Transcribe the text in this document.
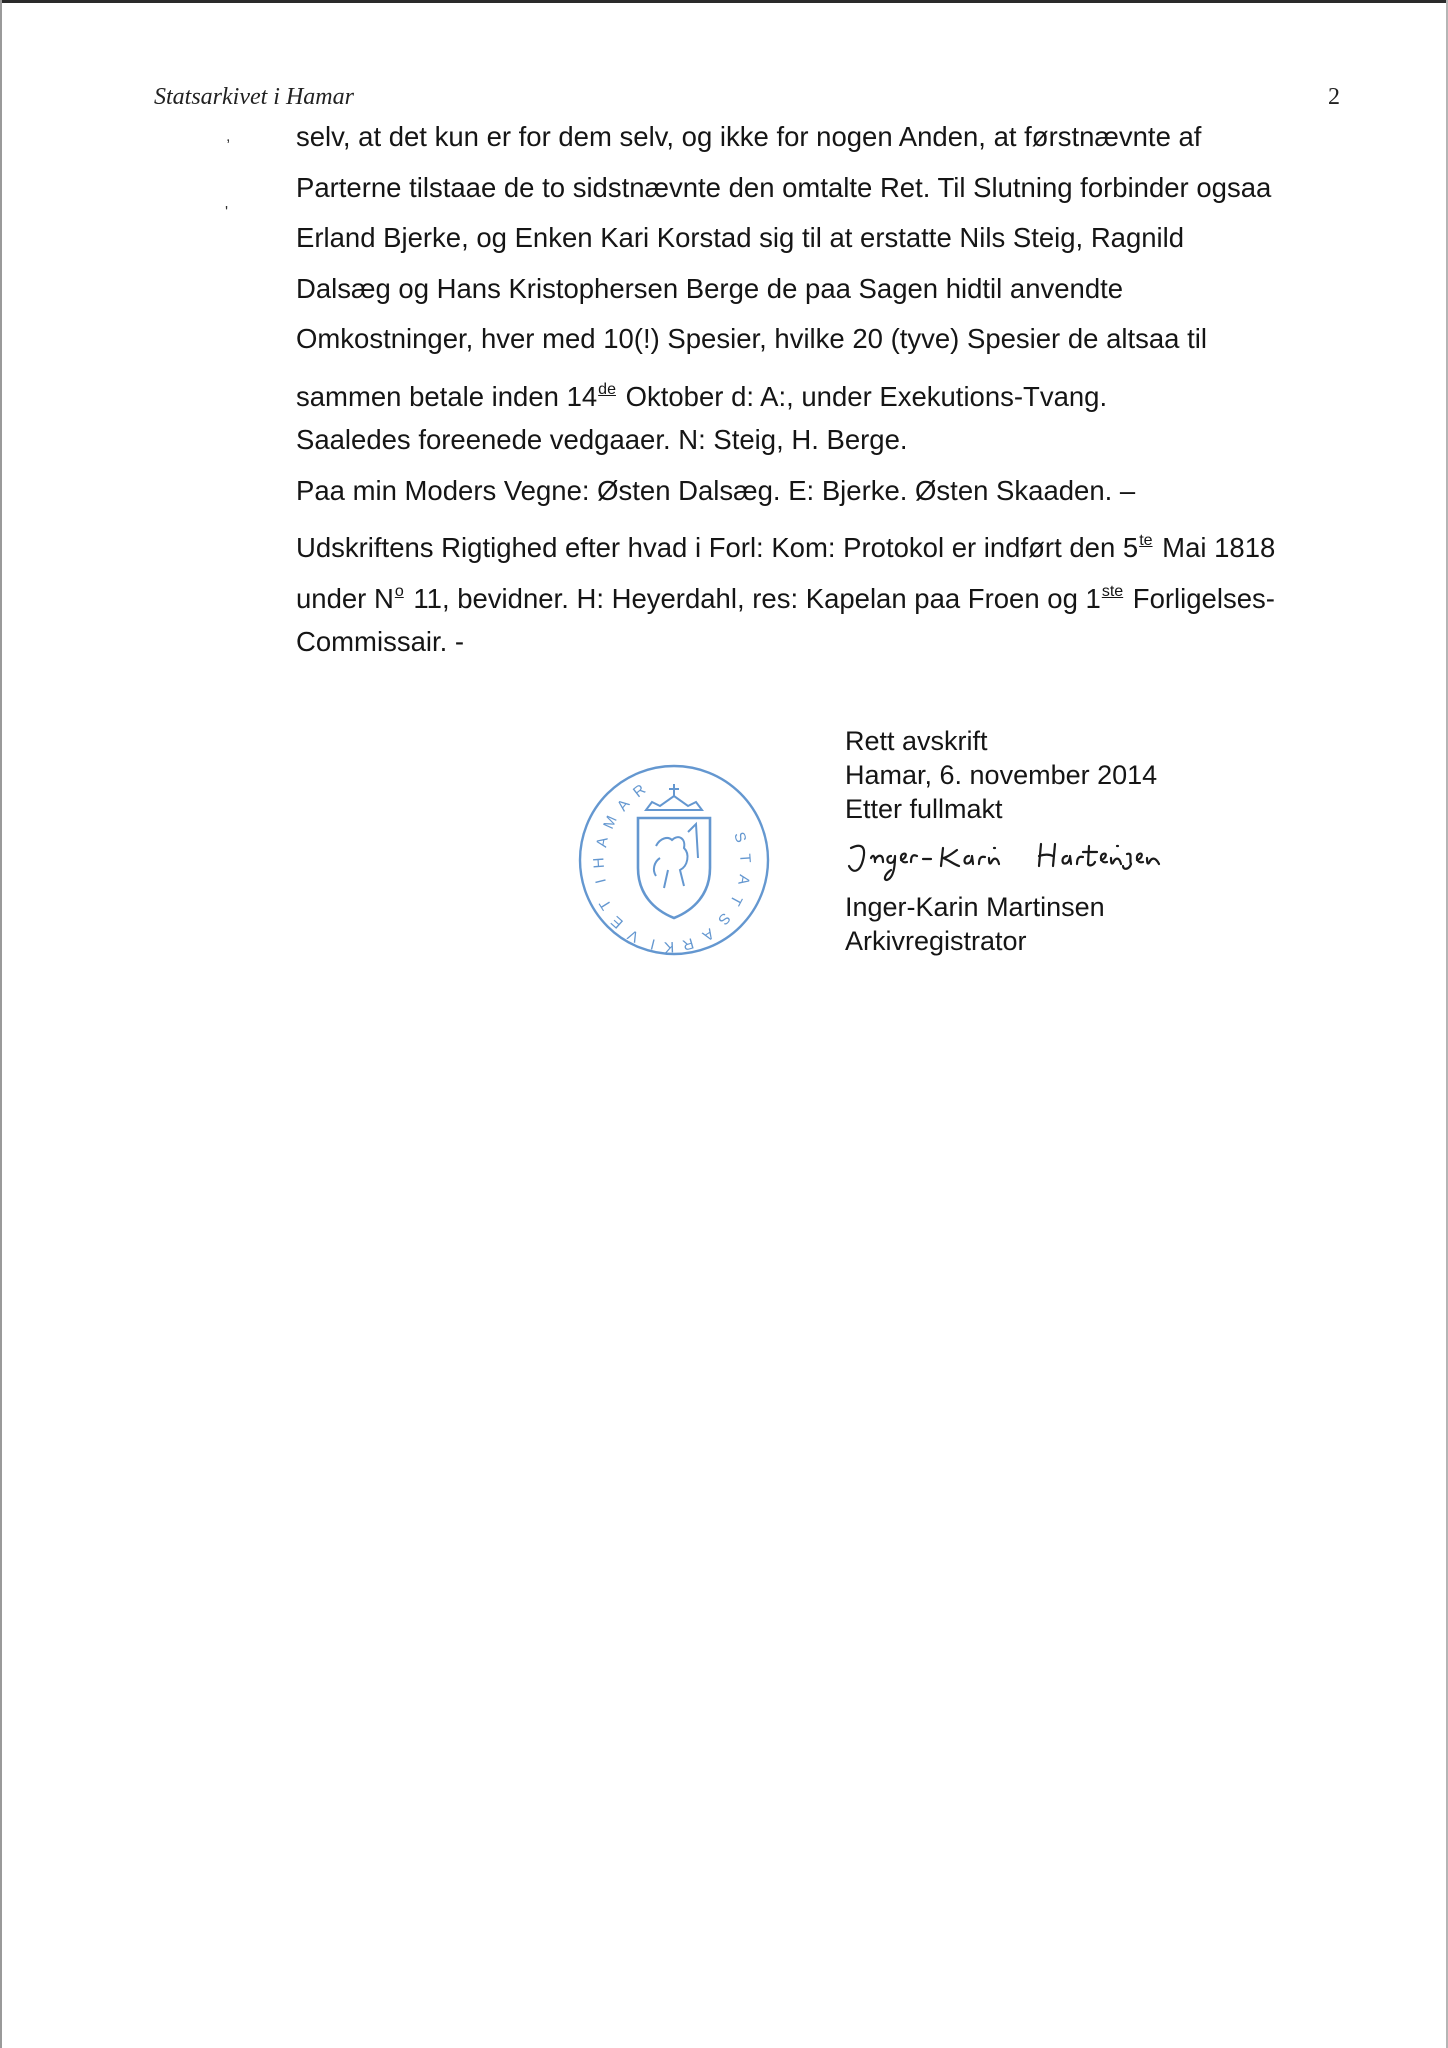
Statsarkivet i Hamar	2
,
'
selv, at det kun er for dem selv, og ikke for nogen Anden, at førstnævnte af
Parterne tilstaae de to sidstnævnte den omtalte Ret. Til Slutning forbinder ogsaa
Erland Bjerke, og Enken Kari Korstad sig til at erstatte Nils Steig, Ragnild
Dalsæg og Hans Kristophersen Berge de paa Sagen hidtil anvendte
Omkostninger, hver med 10(!) Spesier, hvilke 20 (tyve) Spesier de altsaa til
sammen betale inden 14de Oktober d: A:, under Exekutions-Tvang.
Saaledes foreenede vedgaaer. N: Steig, H. Berge.
Paa min Moders Vegne: Østen Dalsæg. E: Bjerke. Østen Skaaden. –
Udskriftens Rigtighed efter hvad i Forl: Kom: Protokol er indført den $5^{te}$ Mai 1818
under $N^o$ 11, bevidner. H: Heyerdahl, res: Kapelan paa Froen og 1ste Forligelses-
Commissair. -
Rett avskrift
Hamar, 6. november 2014
Etter fullmakt
Inger-Karin Martinsen
Arkivregistrator
S
T
A
T
S
A
R
K
I
V
E
T
I
H
A
M
A
R
